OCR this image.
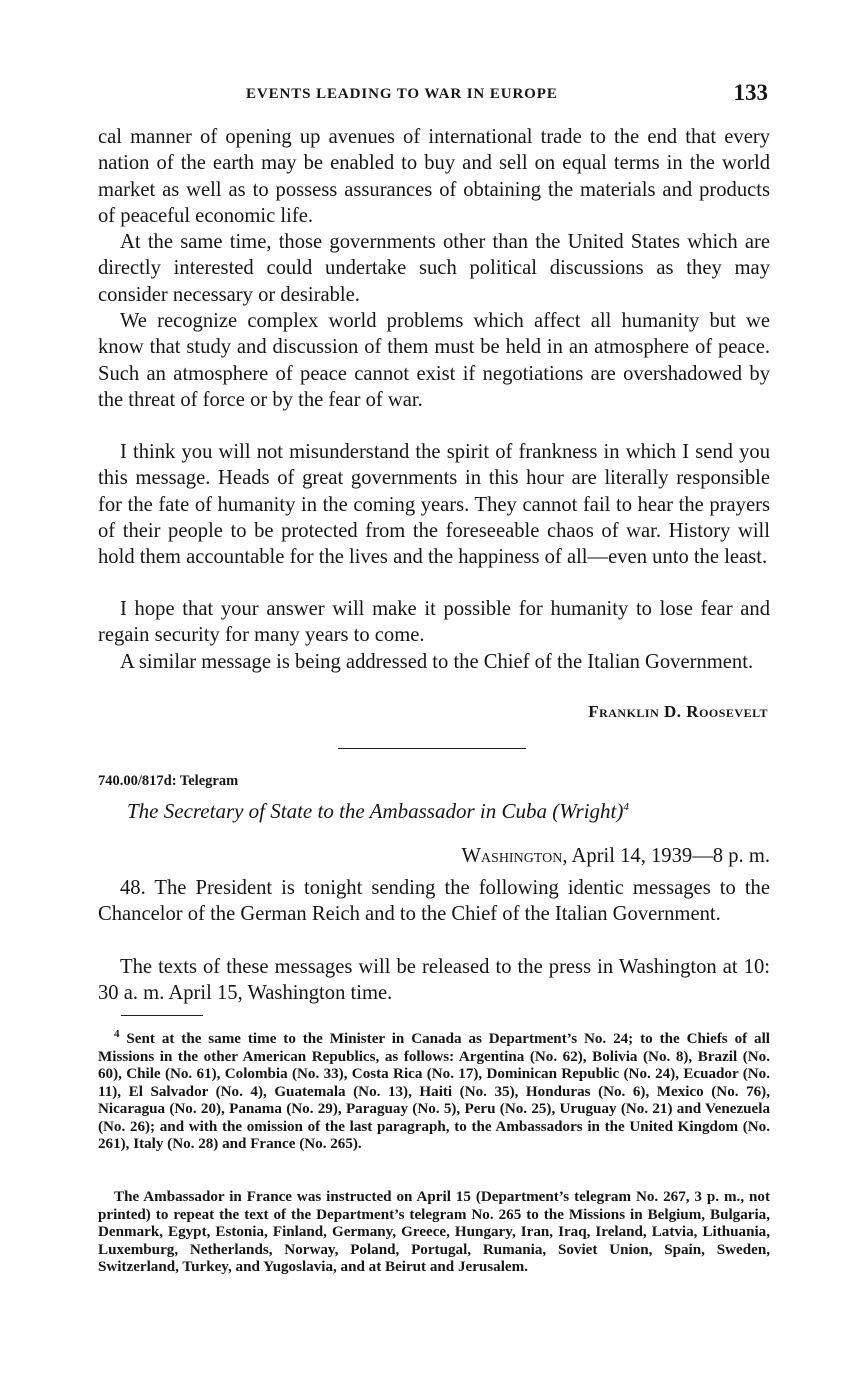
EVENTS LEADING TO WAR IN EUROPE	133

cal manner of opening up avenues of international trade to the end that every nation of the earth may be enabled to buy and sell on equal terms in the world market as well as to possess assurances of obtaining the materials and products of peaceful economic life.

At the same time, those governments other than the United States which are directly interested could undertake such political discussions as they may consider necessary or desirable.

We recognize complex world problems which affect all humanity but we know that study and discussion of them must be held in an atmosphere of peace. Such an atmosphere of peace cannot exist if negotiations are overshadowed by the threat of force or by the fear of war.

I think you will not misunderstand the spirit of frankness in which I send you this message. Heads of great governments in this hour are literally responsible for the fate of humanity in the coming years. They cannot fail to hear the prayers of their people to be protected from the foreseeable chaos of war. History will hold them accountable for the lives and the happiness of all—even unto the least.

I hope that your answer will make it possible for humanity to lose fear and regain security for many years to come.

A similar message is being addressed to the Chief of the Italian Government.

Franklin D. Roosevelt
740.00/817d: Telegram
The Secretary of State to the Ambassador in Cuba (Wright)$^4$
Washington, April 14, 1939—8 p. m.

48. The President is tonight sending the following identic messages to the Chancelor of the German Reich and to the Chief of the Italian Government.

The texts of these messages will be released to the press in Washington at 10: 30 a. m. April 15, Washington time.

$^4$ Sent at the same time to the Minister in Canada as Department’s No. 24; to the Chiefs of all Missions in the other American Republics, as follows: Argentina (No. 62), Bolivia (No. 8), Brazil (No. 60), Chile (No. 61), Colombia (No. 33), Costa Rica (No. 17), Dominican Republic (No. 24), Ecuador (No. 11), El Salvador (No. 4), Guatemala (No. 13), Haiti (No. 35), Honduras (No. 6), Mexico (No. 76), Nicaragua (No. 20), Panama (No. 29), Paraguay (No. 5), Peru (No. 25), Uruguay (No. 21) and Venezuela (No. 26); and with the omission of the last paragraph, to the Ambassadors in the United Kingdom (No. 261), Italy (No. 28) and France (No. 265).

The Ambassador in France was instructed on April 15 (Department’s telegram No. 267, 3 p. m., not printed) to repeat the text of the Department’s telegram No. 265 to the Missions in Belgium, Bulgaria, Denmark, Egypt, Estonia, Finland, Germany, Greece, Hungary, Iran, Iraq, Ireland, Latvia, Lithuania, Luxemburg, Netherlands, Norway, Poland, Portugal, Rumania, Soviet Union, Spain, Sweden, Switzerland, Turkey, and Yugoslavia, and at Beirut and Jerusalem.
